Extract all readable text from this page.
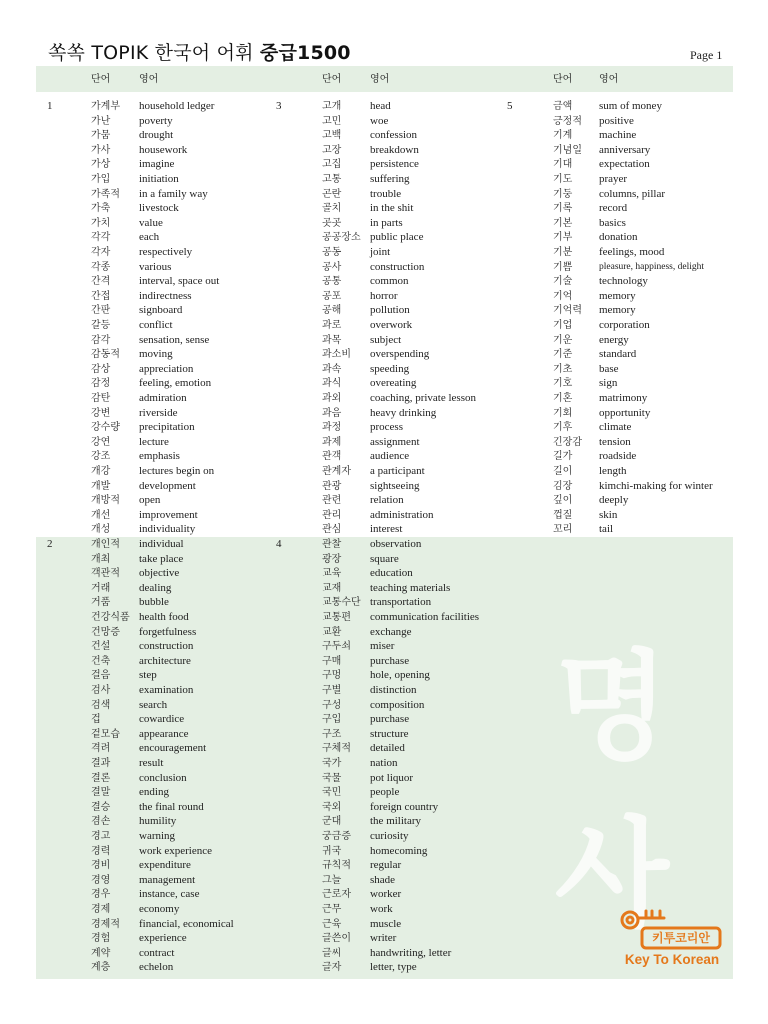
명
사
쏙쏙 TOPIK 한국어 어휘 중급1500	Page 1
단어	영어	단어	영어	단어	영어
1	가계부 household ledger
가난	poverty
가뭄	drought
가사	housework
가상	imagine
가입	initiation
가족적 in a family way
가축	livestock
가치	value
각각	each
각자	respectively
각종	various
간격	interval, space out
간접	indirectness
간판	signboard
갈등	conflict
감각	sensation, sense
감동적 moving
감상	appreciation
감정	feeling, emotion
감탄	admiration
강변	riverside
강수량 precipitation
강연	lecture
강조	emphasis
개강	lectures begin on
개발	development
개방적 open
개선	improvement
개성	individuality
2	개인적 individual
개최	take place
객관적 objective
거래	dealing
거품	bubble
건강식품 health food
건망증 forgetfulness
건설	construction
건축	architecture
걸음	step
검사	examination
검색	search
겁	cowardice
겉모습 appearance
격려	encouragement
결과	result
결론	conclusion
결말	ending
결승	the final round
겸손	humility
경고	warning
경력	work experience
경비	expenditure
경영	management
경우	instance, case
경제	economy
경제적 financial, economical
경험	experience
계약	contract
계층	echelon
3	고개	head
고민	woe
고백	confession
고장	breakdown
고집	persistence
고통	suffering
곤란	trouble
골치	in the shit
곳곳	in parts
공공장소 public place
공동	joint
공사	construction
공통	common
공포	horror
공해	pollution
과로	overwork
과목	subject
과소비 overspending
과속	speeding
과식	overeating
과외	coaching, private lesson
과음	heavy drinking
과정	process
과제	assignment
관객	audience
관계자 a participant
관광	sightseeing
관련	relation
관리	administration
관심	interest
4	관찰	observation
광장	square
교육	education
교재	teaching materials
교통수단 transportation
교통편 communication facilities
교환	exchange
구두쇠 miser
구매	purchase
구멍	hole, opening
구별	distinction
구성	composition
구입	purchase
구조	structure
구체적 detailed
국가	nation
국물	pot liquor
국민	people
국외	foreign country
군대	the military
궁금증 curiosity
귀국	homecoming
규칙적 regular
그늘	shade
근로자 worker
근무	work
근육	muscle
글쓴이 writer
글씨	handwriting, letter
글자	letter, type
5	금액 sum of money
긍정적 positive
기계 machine
기념일 anniversary
기대 expectation
기도 prayer
기둥 columns, pillar
기록 record
기본 basics
기부 donation
기분 feelings, mood
기쁨	pleasure, happiness, delight
기술 technology
기억 memory
기억력 memory
기업 corporation
기운 energy
기준 standard
기초 base
기호 sign
기혼 matrimony
기회 opportunity
기후 climate
긴장감 tension
길가 roadside
길이 length
김장 kimchi-making for winter
깊이 deeply
껍질 skin
꼬리 tail
키투코리안
Key To Korean
